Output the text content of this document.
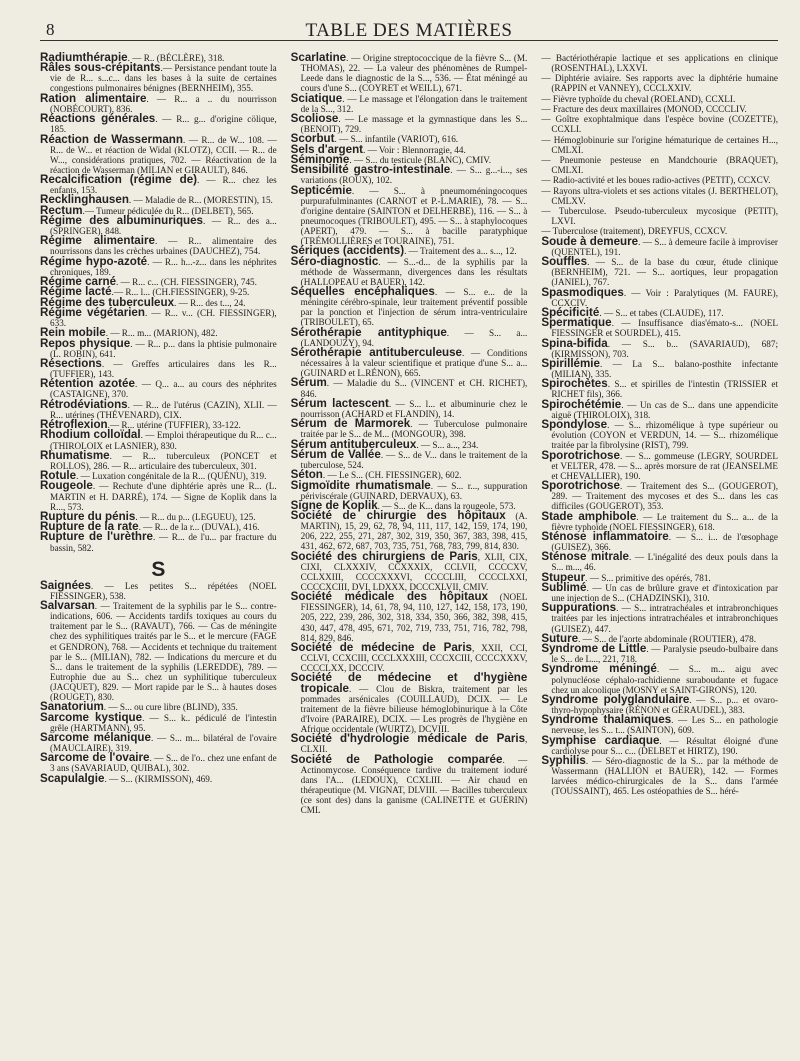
8	TABLE DES MATIÈRES
Radiumthérapie. — R.. (BÉCLÈRE), 318.
Râles sous-crépitants.— Persistance pendant toute la vie de R... s...c... dans les bases à la suite de certaines congestions pulmonaires bénignes (BERNHEIM), 355.
Ration alimentaire. — R... a .. du nourrisson (NOBÉCOURT), 836.
Réactions générales. — R... g... d'origine cölique, 185.
Réaction de Wassermann. — R... de W... 108. — R... de W... et réaction de Widal (KLOTZ), CCII. — R... de W..., considérations pratiques, 702. — Réactivation de la réaction de Wasserman (MILIAN et GIRAULT), 846.
Recalcification (régime de). — R... chez les enfants, 153.
Recklinghausen. — Maladie de R... (MORESTIN), 15.
Rectum.— Tumeur pédiculée du R... (DELBET), 565.
Régime des albuminuriques. — R... des a... (SPRINGER), 848.
Régime alimentaire. — R... alimentaire des nourrissons dans les crèches urbaines (DAUCHEZ), 754.
Régime hypo-azoté. — R... h...-z... dans les néphrites chroniques, 189.
Régime carné. — R... c... (CH. FIESSINGER), 745.
Régime lacté.— R... l... (CH.FIESSINGER), 9-25.
Régime des tuberculeux. — R... des t..., 24.
Régime végétarien. — R... v... (CH. FIESSINGER), 633.
Rein mobile. — R... m... (MARION), 482.
Repos physique. — R... p... dans la phtisie pulmonaire (L. ROBIN), 641.
Résections. — Greffes articulaires dans les R... (TUFFIER), 143.
Rétention azotée. — Q... a... au cours des néphrites (CASTAIGNE), 370.
Rétrodéviations. — R... de l'utérus (CAZIN), XLII. — R... utérines (THÉVENARD), CIX.
Rétroflexion.— R... utérine (TUFFIER), 33-122.
Rhodium colloïdal. — Emploi thérapeutique du R... c... (THIROLOIX et LASNIER), 830.
Rhumatisme. — R... tuberculeux (PONCET et ROLLOS), 286. — R... articulaire des tuberculeux, 301.
Rotule. — Luxation congénitale de la R... (QUÉNU), 319.
Rougeole. — Rechute d'une diphtérie après une R... (L. MARTIN et H. DARRÉ), 174. — Signe de Koplik dans la R..., 573.
Rupture du pénis. — R... du p... (LEGUEU), 125.
Rupture de la rate. — R... de la r... (DUVAL), 416.
Rupture de l'urèthre. — R... de l'u... par fracture du bassin, 582.
S
Saignées. — Les petites S... répétées (NOEL FIESSINGER), 538.
Salvarsan. — Traitement de la syphilis par le S... contre-indications, 606. — Accidents tardifs toxiques au cours du traitement par le S... (RAVAUT), 766. — Cas de méningite chez des syphilitiques traités par le S... et le mercure (FAGE et GENDRON), 768. — Accidents et technique du traitement par le S... (MILIAN), 782. — Indications du mercure et du S... dans le traitement de la syphilis (LEREDDE), 789. — Eutrophie due au S... chez un syphilitique tuberculeux (JACQUET), 829. — Mort rapide par le S... à hautes doses (ROUGET), 830.
Sanatorium. — S... ou cure libre (BLIND), 335.
Sarcome kystique. — S... k.. pédiculé de l'intestin grêle (HARTMANN), 95.
Sarcome mélanique. — S... m... bilatéral de l'ovaire (MAUCLAIRE), 319.
Sarcome de l'ovaire. — S... de l'o.. chez une enfant de 3 ans (SAVARIAUD, QUIBAL), 302.
Scapulalgie. — S... (KIRMISSON), 469.
Scarlatine. — Origine streptococcique de la fièvre S... (M. THOMAS), 22. — La valeur des phénomènes de Rumpel-Leede dans le diagnostic de la S..., 536. — État méningé au cours d'une S... (COYRET et WEILL), 671.
Sciatique. — Le massage et l'élongation dans le traitement de la S..., 312.
Scoliose. — Le massage et la gymnastique dans les S... (BENOIT), 729.
Scorbut. — S... infantile (VARIOT), 616.
Sels d'argent. — Voir : Blennorragie, 44.
Séminome. — S... du testicule (BLANC), CMIV.
Sensibilité gastro-intestinale. — S... g...-i..., ses variations (ROUX), 102.
Septicémie. — S... à pneumoméningocoques purpurafulminantes (CARNOT et P.-L.MARIE), 78. — S... d'origine dentaire (SAINTON et DELHERBE), 116. — S... à pneumocoques (TRIBOULET), 495. — S... à staphylocoques (APERT), 479. — S... à bacille paratyphique (TRÉMOLLIÈRES et TOURAINE), 751.
Sériques (accidents). — Traitement des a... s..., 12.
Séro-diagnostic. — S...-d... de la syphilis par la méthode de Wassermann, divergences dans les résultats (HALLOPEAU et BAUER), 142.
Séquelles encéphaliques. — S... e... de la méningite cérébro-spinale, leur traitement préventif possible par la ponction et l'injection de sérum intra-ventriculaire (TRIBOULET), 65.
Sérothérapie antityphique. — S... a... (LANDOUZY), 94.
Sérothérapie antituberculeuse. — Conditions nécessaires à la valeur scientifique et pratique d'une S... a... (GUINARD et L.RÉNON), 665.
Sérum. — Maladie du S... (VINCENT et CH. RICHET), 846.
Sérum lactescent. — S... l... et albuminurie chez le nourrisson (ACHARD et FLANDIN), 14.
Sérum de Marmorek. — Tuberculose pulmonaire traitée par le S... de M... (MONGOUR), 398.
Sérum antituberculeux. — S... a..., 234.
Sérum de Vallée. — S... de V... dans le traitement de la tuberculose, 524.
Séton. — Le S... (CH. FIESSINGER), 602.
Sigmoïdite rhumatismale. — S... r..., suppuration périviscérale (GUINARD, DERVAUX), 63.
Signe de Koplik. — S... de K... dans la rougeole, 573.
Société de chirurgie des hôpitaux (A. MARTIN), 15, 29, 62, 78, 94, 111, 117, 142, 159, 174, 190, 206, 222, 255, 271, 287, 302, 319, 350, 367, 383, 398, 415, 431, 462, 672, 687, 703, 735, 751, 768, 783, 799, 814, 830.
Société des chirurgiens de Paris, XLII, CIX, CIXI, CLXXXIV, CCXXXIX, CCLVII, CCCCXV, CCLXXIII, CCCCXXXVI, CCCCLIII, CCCCLXXI, CCCCXCIII, DVI, LDXXX, DCCCXLVII, CMIV.
Société médicale des hôpitaux (NOEL FIESSINGER), 14, 61, 78, 94, 110, 127, 142, 158, 173, 190, 205, 222, 239, 286, 302, 318, 334, 350, 366, 382, 398, 415, 430, 447, 478, 495, 671, 702, 719, 733, 751, 716, 782, 798, 814, 829, 846.
Société de médecine de Paris, XXII, CCI, CCLVI, CCXCIII, CCCLXXXIII, CCCXCIII, CCCCXXXV, CCCCLXX, DCCCIV.
Société de médecine et d'hygiène tropicale. — Clou de Biskra, traitement par les pommades arsénicales (COUILLAUD), DCIX. — Le traitement de la fièvre bilieuse hémoglobinurique à la Côte d'Ivoire (PARAIRE), DCIX. — Les progrès de l'hygiène en Afrique occidentale (WURTZ), DCVIII.
Société d'hydrologie médicale de Paris, CLXII.
Société de Pathologie comparée. — Actinomycose. Conséquence tardive du traitement ioduré dans l'A... (LEDOUX), CCXLIII. — Air chaud en thérapeutique (M. VIGNAT, DLVIII. — Bacilles tuberculeux (ce sont des) dans la ganisme (CALINETTE et GUÉRIN) CML
— Bactériothérapie lactique et ses applications en clinique (ROSENTHAL), LXXVI.
— Diphtérie aviaire. Ses rapports avec la diphtérie humaine (RAPPIN et VANNEY), CCCLXXIV.
— Fièvre typhoïde du cheval (ROELAND), CCXLI.
— Fracture des deux maxillaires (MONOD, CCCCLIV.
— Goître exophtalmique dans l'espèce bovine (COZETTE), CCXLI.
— Hémoglobinurie sur l'origine hématurique de certaines H..., CMLXI.
— Pneumonie pesteuse en Mandchourie (BRAQUET), CMLXI.
— Radio-activité et les boues radio-actives (PETIT), CCXCV.
— Rayons ultra-violets et ses actions vitales (J. BERTHELOT), CMLXV.
— Tuberculose. Pseudo-tuberculeux mycosique (PETIT), LXVI.
— Tuberculose (traitement), DREYFUS, CCXCV.
Soude à demeure. — S... à demeure facile à improviser (QUENTEL), 191.
Souffles. — S... de la base du cœur, étude clinique (BERNHEIM), 721. — S... aortiques, leur propagation (JANIEL), 767.
Spasmodiques. — Voir : Paralytiques (M. FAURE), CCXCIV.
Spécificité. — S... et tabes (CLAUDE), 117.
Spermatique. — Insuffisance dias'émato-s... (NOEL FIESSINGER et SOURDEL), 415.
Spina-bifida. — S... b... (SAVARIAUD), 687; (KIRMISSON), 703.
Spirillémie. — La S... balano-posthite infectante (MILIAN), 335.
Spirochètes. S... et spirilles de l'intestin (TRISSIER et RICHET fils), 366.
Spirochétémie. — Un cas de S... dans une appendicite aiguë (THIROLOIX), 318.
Spondylose. — S... rhizomélique à type supérieur ou évolution (COYON et VERDUN, 14. — S... rhizomélique traitée par la fibrolysine (RIST), 799.
Sporotrichose. — S... gommeuse (LEGRY, SOURDEL et VELTER, 478. — S... après morsure de rat (JEANSELME et CHEVALLIER), 190.
Sporotrichose. — Traitement des S... (GOUGEROT), 289. — Traitement des mycoses et des S... dans les cas difficiles (GOUGEROT), 353.
Stade amphibole. — Le traitement du S... a... de la fièvre typhoïde (NOEL FIESSINGER), 618.
Sténose inflammatoire. — S... i... de l'œsophage (GUISEZ), 366.
Sténose mitrale. — L'inégalité des deux pouls dans la S... m..., 46.
Stupeur. — S... primitive des opérés, 781.
Sublimé. — Un cas de brûlure grave et d'intoxication par une injection de S... (CHADZINSKI), 310.
Suppurations. — S... intratrachéales et intrabronchiques traitées par les injections intratrachéales et intrabronchiques (GUISEZ), 447.
Suture. — S... de l'aorte abdominale (ROUTIER), 478.
Syndrome de Little. — Paralysie pseudo-bulbaire dans le S... de L..., 221, 718.
Syndrome méningé. — S... m... aigu avec polynucléose céphalo-rachidienne suraboudante et fugace chez un alcoolique (MOSNY et SAINT-GIRONS), 120.
Syndrome polyglandulaire. — S... p... et ovaro-thyro-hypophysaire (RÉNON et GÉRAUDEL), 383.
Syndrome thalamiques. — Les S... en pathologie nerveuse, les S... t... (SAINTON), 609.
Symphise cardiaque. — Résultat éloigné d'une cardiolyse pour S... c... (DELBET et HIRTZ), 190.
Syphilis. — Séro-diagnostic de la S... par la méthode de Wassermann (HALLION et BAUER), 142. — Formes larvées médico-chirurgicales de la S... dans l'armée (TOUSSAINT), 465. Les ostéopathies de S... héré-
